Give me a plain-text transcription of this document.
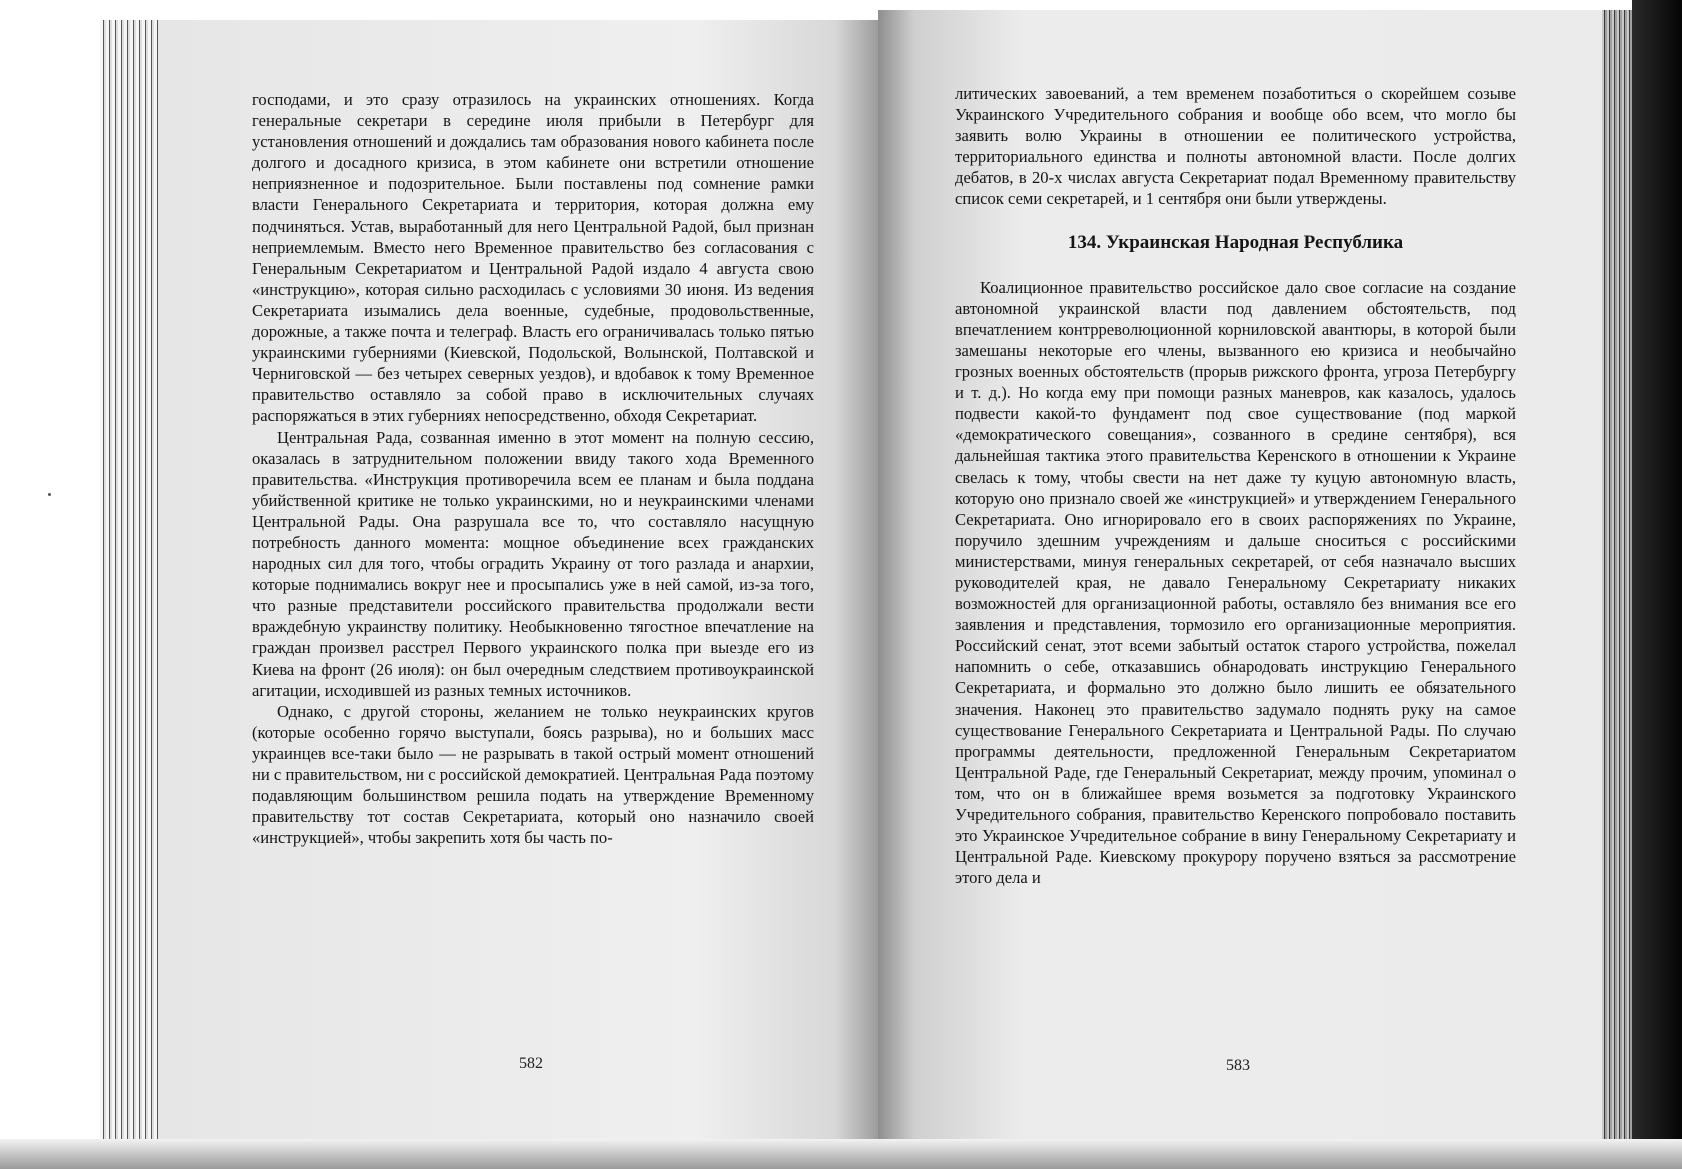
господами, и это сразу отразилось на украинских отношениях. Когда генеральные секретари в середине июля прибыли в Петербург для установления отношений и дождались там образования нового кабинета после долгого и досадного кризиса, в этом кабинете они встретили отношение неприязненное и подозрительное. Были поставлены под сомнение рамки власти Генерального Секретариата и территория, которая должна ему подчиняться. Устав, выработанный для него Центральной Радой, был признан неприемлемым. Вместо него Временное правительство без согласования с Генеральным Секретариатом и Центральной Радой издало 4 августа свою «инструкцию», которая сильно расходилась с условиями 30 июня. Из ведения Секретариата изымались дела военные, судебные, продовольственные, дорожные, а также почта и телеграф. Власть его ограничивалась только пятью украинскими губерниями (Киевской, Подольской, Волынской, Полтавской и Черниговской — без четырех северных уездов), и вдобавок к тому Временное правительство оставляло за собой право в исключительных случаях распоряжаться в этих губерниях непосредственно, обходя Секретариат.

Центральная Рада, созванная именно в этот момент на полную сессию, оказалась в затруднительном положении ввиду такого хода Временного правительства. «Инструкция противоречила всем ее планам и была поддана убийственной критике не только украинскими, но и неукраинскими членами Центральной Рады. Она разрушала все то, что составляло насущную потребность данного момента: мощное объединение всех гражданских народных сил для того, чтобы оградить Украину от того разлада и анархии, которые поднимались вокруг нее и просыпались уже в ней самой, из-за того, что разные представители российского правительства продолжали вести враждебную украинству политику. Необыкновенно тягостное впечатление на граждан произвел расстрел Первого украинского полка при выезде его из Киева на фронт (26 июля): он был очередным следствием противоукраинской агитации, исходившей из разных темных источников.

Однако, с другой стороны, желанием не только неукраинских кругов (которые особенно горячо выступали, боясь разрыва), но и больших масс украинцев все-таки было — не разрывать в такой острый момент отношений ни с правительством, ни с российской демократией. Центральная Рада поэтому подавляющим большинством решила подать на утверждение Временному правительству тот состав Секретариата, который оно назначило своей «инструкцией», чтобы закрепить хотя бы часть по-

582

литических завоеваний, а тем временем позаботиться о скорейшем созыве Украинского Учредительного собрания и вообще обо всем, что могло бы заявить волю Украины в отношении ее политического устройства, территориального единства и полноты автономной власти. После долгих дебатов, в 20-х числах августа Секретариат подал Временному правительству список семи секретарей, и 1 сентября они были утверждены.

134. Украинская Народная Республика

Коалиционное правительство российское дало свое согласие на создание автономной украинской власти под давлением обстоятельств, под впечатлением контрреволюционной корниловской авантюры, в которой были замешаны некоторые его члены, вызванного ею кризиса и необычайно грозных военных обстоятельств (прорыв рижского фронта, угроза Петербургу и т. д.). Но когда ему при помощи разных маневров, как казалось, удалось подвести какой-то фундамент под свое существование (под маркой «демократического совещания», созванного в средине сентября), вся дальнейшая тактика этого правительства Керенского в отношении к Украине свелась к тому, чтобы свести на нет даже ту куцую автономную власть, которую оно признало своей же «инструкцией» и утверждением Генерального Секретариата. Оно игнорировало его в своих распоряжениях по Украине, поручило здешним учреждениям и дальше сноситься с российскими министерствами, минуя генеральных секретарей, от себя назначало высших руководителей края, не давало Генеральному Секретариату никаких возможностей для организационной работы, оставляло без внимания все его заявления и представления, тормозило его организационные мероприятия. Российский сенат, этот всеми забытый остаток старого устройства, пожелал напомнить о себе, отказавшись обнародовать инструкцию Генерального Секретариата, и формально это должно было лишить ее обязательного значения. Наконец это правительство задумало поднять руку на самое существование Генерального Секретариата и Центральной Рады. По случаю программы деятельности, предложенной Генеральным Секретариатом Центральной Раде, где Генеральный Секретариат, между прочим, упоминал о том, что он в ближайшее время возьмется за подготовку Украинского Учредительного собрания, правительство Керенского попробовало поставить это Украинское Учредительное собрание в вину Генеральному Секретариату и Центральной Раде. Киевскому прокурору поручено взяться за рассмотрение этого дела и

583
